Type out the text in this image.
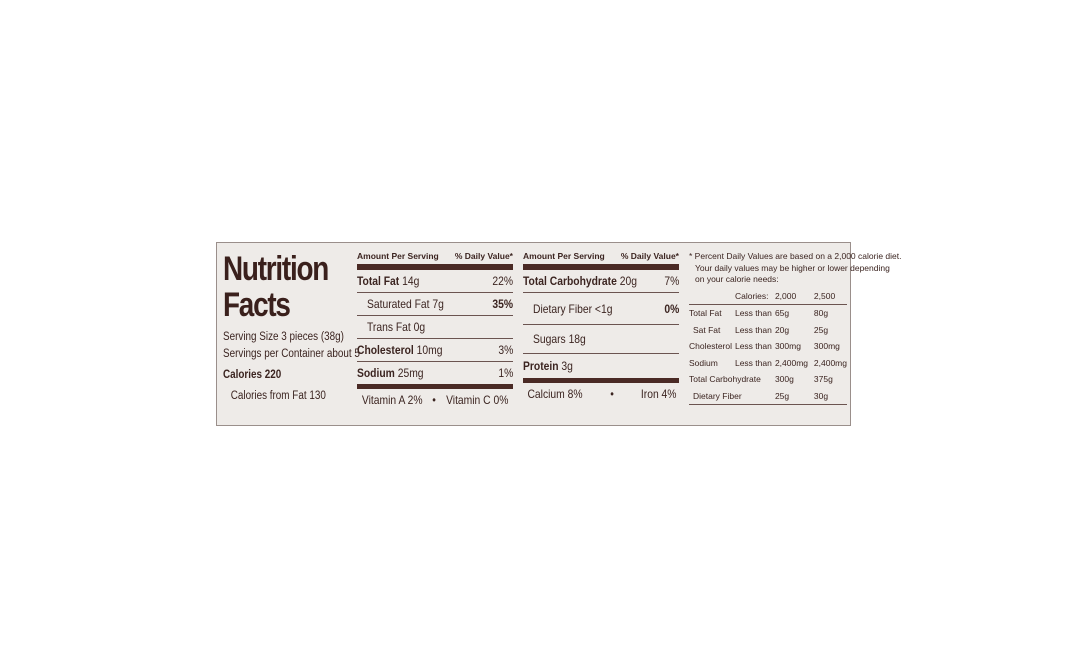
Nutrition
Facts
Serving Size 3 pieces (38g)
Servings per Container about 5
Calories 220
Calories from Fat 130
Amount Per Serving % Daily Value*
Total Fat 14g	22%
Saturated Fat 7g	35%
Trans Fat 0g
Cholesterol 10mg	3%
Sodium 25mg	1%
Vitamin A 2% • Vitamin C 0%
Amount Per Serving % Daily Value*
Total Carbohydrate 20g 7%
Dietary Fiber <1g	0%
Sugars 18g
Protein 3g
Calcium 8% • Iron 4%

* Percent Daily Values are based on a 2,000 calorie diet.

Your daily values may be higher or lower depending

on your calorie needs:

	Calories:	2,000	2,500
Total Fat	Less than	65g	80g
Sat Fat	Less than	20g	25g
Cholesterol	Less than	300mg	300mg
Sodium	Less than	2,400mg	2,400mg
Total Carbohydrate		300g	375g
Dietary Fiber		25g	30g
